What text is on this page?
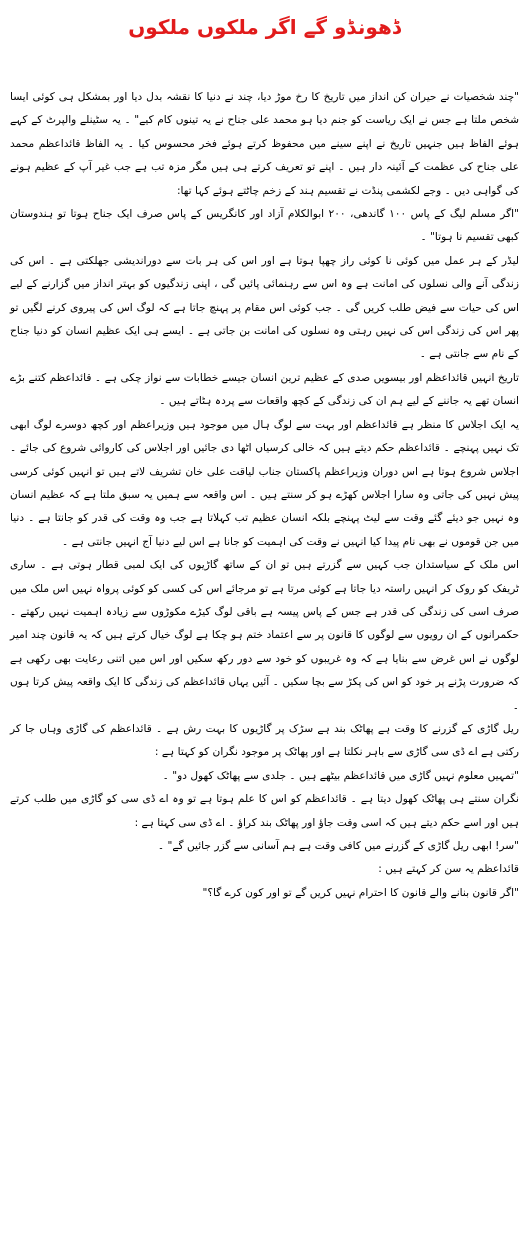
ڈھونڈو گے اگر ملکوں ملکوں

"چند شخصیات نے حیران کن انداز میں تاریخ کا رخ موڑ دیا، چند نے دنیا کا نقشہ بدل دیا اور بمشکل ہی کوئی ایسا شخص ملتا ہے جس نے ایک ریاست کو جنم دیا ہو محمد علی جناح نے یہ تینوں کام کیے" ۔ یہ سٹینلے والپرٹ کے کہے ہوئے الفاظ ہیں جنہیں تاریخ نے اپنے سینے میں محفوظ کرتے ہوئے فخر محسوس کیا ۔ یہ الفاظ قائداعظم محمد علی جناح کی عظمت کے آئینہ دار ہیں ۔ اپنے تو تعریف کرتے ہی ہیں مگر مزہ تب ہے جب غیر آپ کے عظیم ہونے کی گواہی دیں ۔ وجے لکشمی پنڈت نے تقسیم ہند کے زخم چاٹتے ہوئے کہا تھا:

"اگر مسلم لیگ کے پاس ۱۰۰ گاندھی، ۲۰۰ ابوالکلام آزاد اور کانگریس کے پاس صرف ایک جناح ہوتا تو ہندوستان کبھی تقسیم نا ہوتا" ۔

لیڈر کے ہر عمل میں کوئی نا کوئی راز چھپا ہوتا ہے اور اس کی ہر بات سے دوراندیشی جھلکتی ہے ۔ اس کی زندگی آنے والی نسلوں کی امانت ہے وہ اس سے رہنمائی پائیں گی ، اپنی زندگیوں کو بہتر انداز میں گزارنے کے لیے اس کی حیات سے فیض طلب کریں گی ۔ جب کوئی اس مقام پر پہنچ جاتا ہے کہ لوگ اس کی پیروی کرنے لگیں تو پھر اس کی زندگی اس کی نہیں رہتی وہ نسلوں کی امانت بن جاتی ہے ۔ ایسے ہی ایک عظیم انسان کو دنیا جناح کے نام سے جانتی ہے ۔

تاریخ انہیں قائداعظم اور بیسویں صدی کے عظیم ترین انسان جیسے خطابات سے نواز چکی ہے ۔ قائداعظم کتنے بڑے انسان تھے یہ جاننے کے لیے ہم ان کی زندگی کے کچھ واقعات سے پردہ ہٹاتے ہیں ۔

یہ ایک اجلاس کا منظر ہے قائداعظم اور بہت سے لوگ ہال میں موجود ہیں وزیراعظم اور کچھ دوسرے لوگ ابھی تک نہیں پہنچے ۔ قائداعظم حکم دیتے ہیں کہ خالی کرسیاں اٹھا دی جائیں اور اجلاس کی کاروائی شروع کی جائے ۔ اجلاس شروع ہوتا ہے اس دوران وزیراعظم پاکستان جناب لیاقت علی خان تشریف لاتے ہیں تو انہیں کوئی کرسی پیش نہیں کی جاتی وہ سارا اجلاس کھڑے ہو کر سنتے ہیں ۔ اس واقعہ سے ہمیں یہ سبق ملتا ہے کہ عظیم انسان وہ نہیں جو دیئے گئے وقت سے لیٹ پہنچے بلکہ انسان عظیم تب کہلاتا ہے جب وہ وقت کی قدر کو جانتا ہے ۔ دنیا میں جن قوموں نے بھی نام پیدا کیا انہیں نے وقت کی اہمیت کو جانا ہے اس لیے دنیا آج انہیں جانتی ہے ۔

اس ملک کے سیاستدان جب کہیں سے گزرتے ہیں تو ان کے ساتھ گاڑیوں کی ایک لمبی قطار ہوتی ہے ۔ ساری ٹریفک کو روک کر انہیں راستہ دیا جاتا ہے کوئی مرتا ہے تو مرجائے اس کی کسی کو کوئی پرواہ نہیں اس ملک میں صرف اسی کی زندگی کی قدر ہے جس کے پاس پیسہ ہے باقی لوگ کیڑے مکوڑوں سے زیادہ اہمیت نہیں رکھتے ۔ حکمرانوں کے ان رویوں سے لوگوں کا قانون پر سے اعتماد ختم ہو چکا ہے لوگ خیال کرتے ہیں کہ یہ قانون چند امیر لوگوں نے اس غرض سے بنایا ہے کہ وہ غریبوں کو خود سے دور رکھ سکیں اور اس میں اتنی رعایت بھی رکھی ہے کہ ضرورت پڑنے پر خود کو اس کی پکڑ سے بچا سکیں ۔ آئیں یہاں قائداعظم کی زندگی کا ایک واقعہ پیش کرتا ہوں ۔

ریل گاڑی کے گزرنے کا وقت ہے پھاٹک بند ہے سڑک پر گاڑیوں کا بہت رش ہے ۔ قائداعظم کی گاڑی وہاں جا کر رکتی ہے اے ڈی سی گاڑی سے باہر نکلتا ہے اور پھاٹک پر موجود نگران کو کہتا ہے :

"تمہیں معلوم نہیں گاڑی میں قائداعظم بیٹھے ہیں ۔ جلدی سے پھاٹک کھول دو" ۔

نگران سنتے ہی پھاٹک کھول دیتا ہے ۔ قائداعظم کو اس کا علم ہوتا ہے تو وہ اے ڈی سی کو گاڑی میں طلب کرتے ہیں اور اسے حکم دیتے ہیں کہ اسی وقت جاؤ اور پھاٹک بند کراؤ ۔ اے ڈی سی کہتا ہے :

"سر! ابھی ریل گاڑی کے گزرنے میں کافی وقت ہے ہم آسانی سے گزر جائیں گے" ۔

قائداعظم یہ سن کر کہتے ہیں :

"اگر قانون بنانے والے قانون کا احترام نہیں کریں گے تو اور کون کرے گا؟"
